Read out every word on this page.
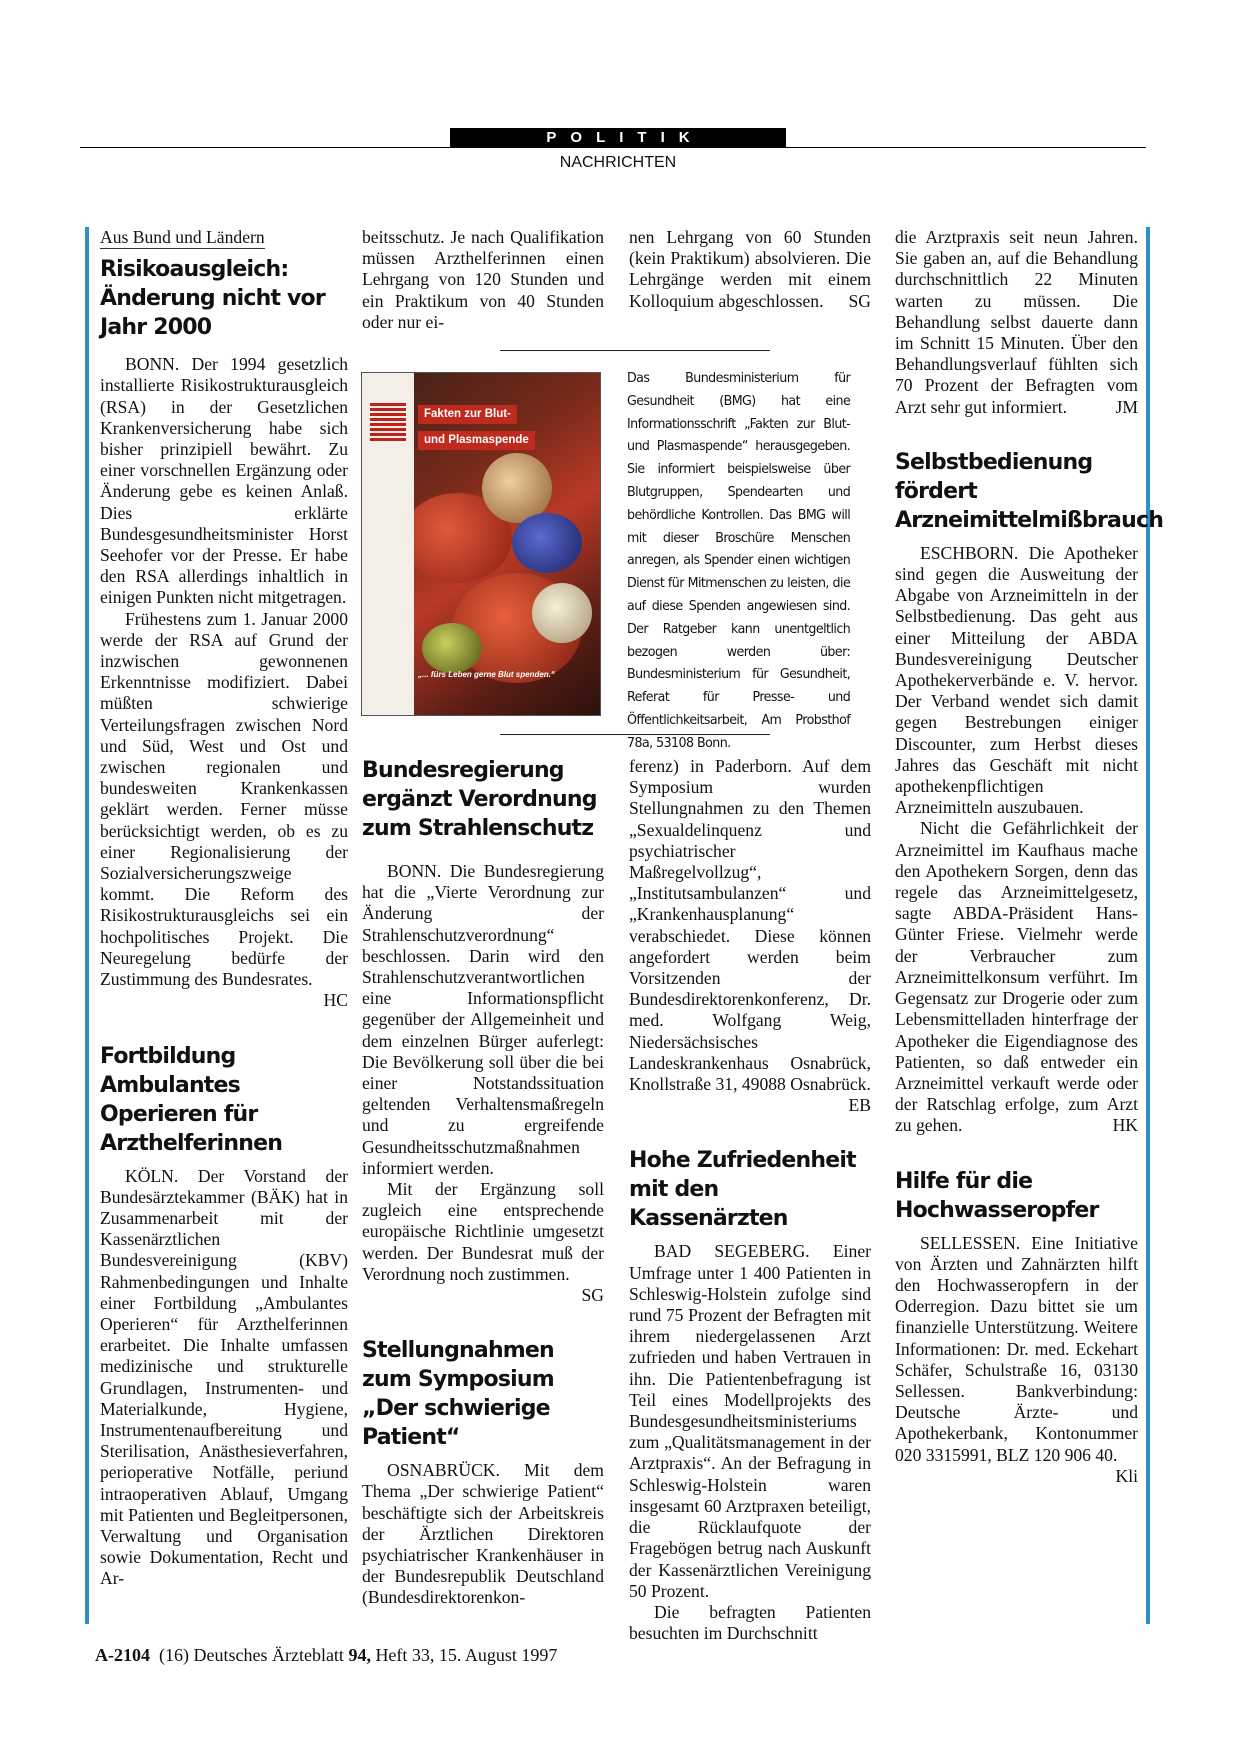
POLITIK
NACHRICHTEN
Aus Bund und Ländern
Risikoausgleich: Änderung nicht vor Jahr 2000

BONN. Der 1994 gesetzlich installierte Risikostrukturausgleich (RSA) in der Gesetzlichen Krankenversicherung habe sich bisher prinzipiell bewährt. Zu einer vorschnellen Ergänzung oder Änderung gebe es keinen Anlaß. Dies erklärte Bundesgesundheitsminister Horst Seehofer vor der Presse. Er habe den RSA allerdings inhaltlich in einigen Punkten nicht mitgetragen.

Frühestens zum 1. Januar 2000 werde der RSA auf Grund der inzwischen gewonnenen Erkenntnisse modifiziert. Dabei müßten schwierige Verteilungsfragen zwischen Nord und Süd, West und Ost und zwischen regionalen und bundesweiten Krankenkassen geklärt werden. Ferner müsse berücksichtigt werden, ob es zu einer Regionalisierung der Sozialversicherungszweige kommt. Die Reform des Risikostrukturausgleichs sei ein hochpolitisches Projekt. Die Neuregelung bedürfe der Zustimmung des Bundesrates.
HC

Fortbildung Ambulantes Operieren für Arzthelferinnen

KÖLN. Der Vorstand der Bundesärztekammer (BÄK) hat in Zusammenarbeit mit der Kassenärztlichen Bundesvereinigung (KBV) Rahmenbedingungen und Inhalte einer Fortbildung „Ambulantes Operieren“ für Arzthelferinnen erarbeitet. Die Inhalte umfassen medizinische und strukturelle Grundlagen, Instrumenten- und Materialkunde, Hygiene, Instrumentenaufbereitung und Sterilisation, Anästhesieverfahren, perioperative Notfälle, periund intraoperativen Ablauf, Umgang mit Patienten und Begleitpersonen, Verwaltung und Organisation sowie Dokumentation, Recht und Ar-

beitsschutz. Je nach Qualifikation müssen Arzthelferinnen einen Lehrgang von 120 Stunden und ein Praktikum von 40 Stunden oder nur ei-

nen Lehrgang von 60 Stunden (kein Praktikum) absolvieren. Die Lehrgänge werden mit einem Kolloquium abgeschlossen. SG

Fakten zur Blut-
und Plasmaspende
„... fürs Leben gerne Blut spenden.“
Das Bundesministerium für Gesundheit (BMG) hat eine Informationsschrift „Fakten zur Blut- und Plasmaspende“ herausgegeben. Sie informiert beispielsweise über Blutgruppen, Spendearten und behördliche Kontrollen. Das BMG will mit dieser Broschüre Menschen anregen, als Spender einen wichtigen Dienst für Mitmenschen zu leisten, die auf diese Spenden angewiesen sind. Der Ratgeber kann unentgeltlich bezogen werden über: Bundesministerium für Gesundheit, Referat für Presse- und Öffentlichkeitsarbeit, Am Probsthof 78a, 53108 Bonn.
Bundesregierung ergänzt Verordnung zum Strahlenschutz

BONN. Die Bundesregierung hat die „Vierte Verordnung zur Änderung der Strahlenschutzverordnung“ beschlossen. Darin wird den Strahlenschutzverantwortlichen eine Informationspflicht gegenüber der Allgemeinheit und dem einzelnen Bürger auferlegt: Die Bevölkerung soll über die bei einer Notstandssituation geltenden Verhaltensmaßregeln und zu ergreifende Gesundheitsschutzmaßnahmen informiert werden.

Mit der Ergänzung soll zugleich eine entsprechende europäische Richtlinie umgesetzt werden. Der Bundesrat muß der Verordnung noch zustimmen.
SG

Stellungnahmen zum Symposium „Der schwierige Patient“

OSNABRÜCK. Mit dem Thema „Der schwierige Patient“ beschäftigte sich der Arbeitskreis der Ärztlichen Direktoren psychiatrischer Krankenhäuser in der Bundesrepublik Deutschland (Bundesdirektorenkon-

ferenz) in Paderborn. Auf dem Symposium wurden Stellungnahmen zu den Themen „Sexualdelinquenz und psychiatrischer Maßregelvollzug“, „Institutsambulanzen“ und „Krankenhausplanung“ verabschiedet. Diese können angefordert werden beim Vorsitzenden der Bundesdirektorenkonferenz, Dr. med. Wolfgang Weig, Niedersächsisches Landeskrankenhaus Osnabrück, Knollstraße 31, 49088 Osnabrück.
EB

Hohe Zufriedenheit mit den Kassenärzten

BAD SEGEBERG. Einer Umfrage unter 1 400 Patienten in Schleswig-Holstein zufolge sind rund 75 Prozent der Befragten mit ihrem niedergelassenen Arzt zufrieden und haben Vertrauen in ihn. Die Patientenbefragung ist Teil eines Modellprojekts des Bundesgesundheitsministeriums zum „Qualitätsmanagement in der Arztpraxis“. An der Befragung in Schleswig-Holstein waren insgesamt 60 Arztpraxen beteiligt, die Rücklaufquote der Fragebögen betrug nach Auskunft der Kassenärztlichen Vereinigung 50 Prozent.

Die befragten Patienten besuchten im Durchschnitt

die Arztpraxis seit neun Jahren. Sie gaben an, auf die Behandlung durchschnittlich 22 Minuten warten zu müssen. Die Behandlung selbst dauerte dann im Schnitt 15 Minuten. Über den Behandlungsverlauf fühlten sich 70 Prozent der Befragten vom Arzt sehr gut informiert.	JM

Selbstbedienung fördert Arzneimittelmißbrauch

ESCHBORN. Die Apotheker sind gegen die Ausweitung der Abgabe von Arzneimitteln in der Selbstbedienung. Das geht aus einer Mitteilung der ABDA Bundesvereinigung Deutscher Apothekerverbände e. V. hervor. Der Verband wendet sich damit gegen Bestrebungen einiger Discounter, zum Herbst dieses Jahres das Geschäft mit nicht apothekenpflichtigen Arzneimitteln auszubauen.

Nicht die Gefährlichkeit der Arzneimittel im Kaufhaus mache den Apothekern Sorgen, denn das regele das Arzneimittelgesetz, sagte ABDA-Präsident Hans-Günter Friese. Vielmehr werde der Verbraucher zum Arzneimittelkonsum verführt. Im Gegensatz zur Drogerie oder zum Lebensmittelladen hinterfrage der Apotheker die Eigendiagnose des Patienten, so daß entweder ein Arzneimittel verkauft werde oder der Ratschlag erfolge, zum Arzt zu gehen.	HK

Hilfe für die Hochwasseropfer

SELLESSEN. Eine Initiative von Ärzten und Zahnärzten hilft den Hochwasseropfern in der Oderregion. Dazu bittet sie um finanzielle Unterstützung. Weitere Informationen: Dr. med. Eckehart Schäfer, Schulstraße 16, 03130 Sellessen. Bankverbindung: Deutsche Ärzte- und Apothekerbank, Kontonummer 020 3315991, BLZ 120 906 40.
Kli

A-2104 (16) Deutsches Ärzteblatt 94, Heft 33, 15. August 1997
